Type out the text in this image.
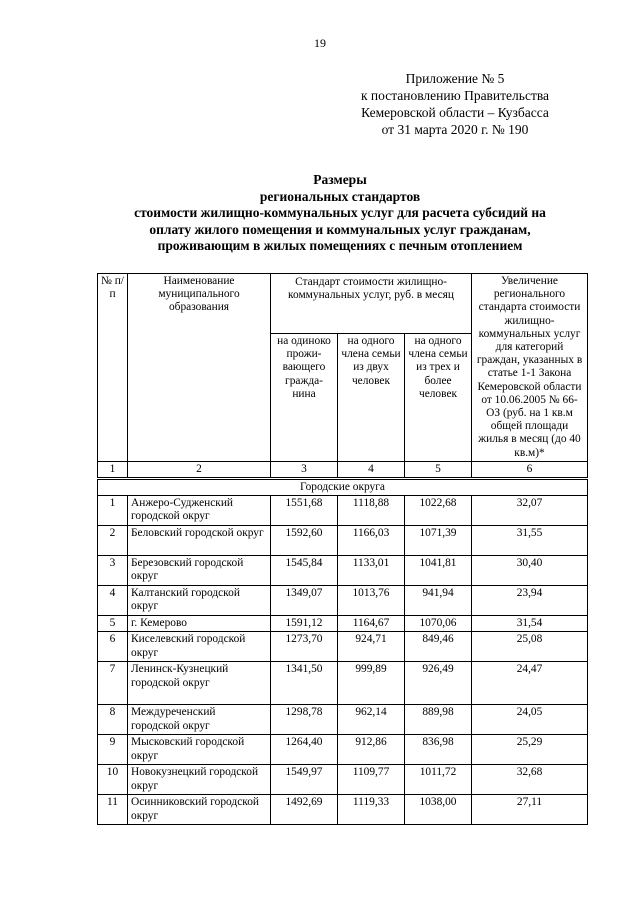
19
Приложение № 5
к постановлению Правительства
Кемеровской области – Кузбасса
от 31 марта 2020 г. № 190
Размеры
региональных стандартов
стоимости жилищно-коммунальных услуг для расчета субсидий на
оплату жилого помещения и коммунальных услуг гражданам,
проживающим в жилых помещениях с печным отоплением
№ п/п	Наименование муниципального образования	Стандарт стоимости жилищно-коммунальных услуг, руб. в месяц			Увеличение регионального стандарта стоимости жилищно-коммунальных услуг для категорий граждан, указанных в статье 1-1 Закона Кемеровской области от 10.06.2005 № 66-ОЗ (руб. на 1 кв.м общей площади жилья в месяц (до 40 кв.м)*
		на одиноко прожи-вающего гражда-нина	на одного члена семьи из двух человек	на одного члена семьи из трех и более человек	
1	2	3	4	5	6
Городские округа					
1	Анжеро-Судженский городской округ	1551,68	1118,88	1022,68	32,07
2	Беловский городской округ	1592,60	1166,03	1071,39	31,55
3	Березовский городской округ	1545,84	1133,01	1041,81	30,40
4	Калтанский городской округ	1349,07	1013,76	941,94	23,94
5	г. Кемерово	1591,12	1164,67	1070,06	31,54
6	Киселевский городской округ	1273,70	924,71	849,46	25,08
7	Ленинск-Кузнецкий городской округ	1341,50	999,89	926,49	24,47
8	Междуреченский городской округ	1298,78	962,14	889,98	24,05
9	Мысковский городской округ	1264,40	912,86	836,98	25,29
10	Новокузнецкий городской округ	1549,97	1109,77	1011,72	32,68
11	Осинниковский городской округ	1492,69	1119,33	1038,00	27,11
